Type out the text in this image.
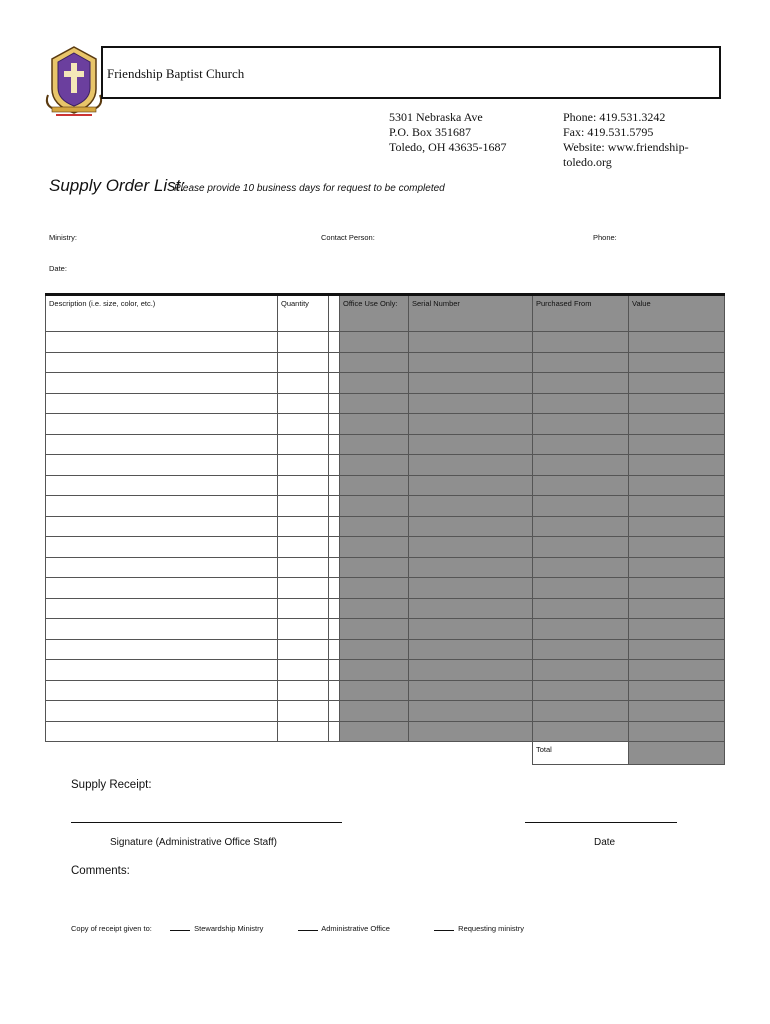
Friendship Baptist Church
5301 Nebraska Ave
P.O. Box 351687
Toledo, OH 43635-1687
Phone: 419.531.3242
Fax: 419.531.5795
Website: www.friendship-
toledo.org
Supply Order List:
Please provide 10 business days for request to be completed
Ministry:	Contact Person:	Phone:
Date:
Description (i.e. size, color, etc.)	Quantity		Office Use Only:	Serial Number	Purchased From	Value

					Total	
Supply Receipt:
Signature (Administrative Office Staff)	Date
Comments:
Copy of receipt given to:	Stewardship Ministry	Administrative Office	Requesting ministry
